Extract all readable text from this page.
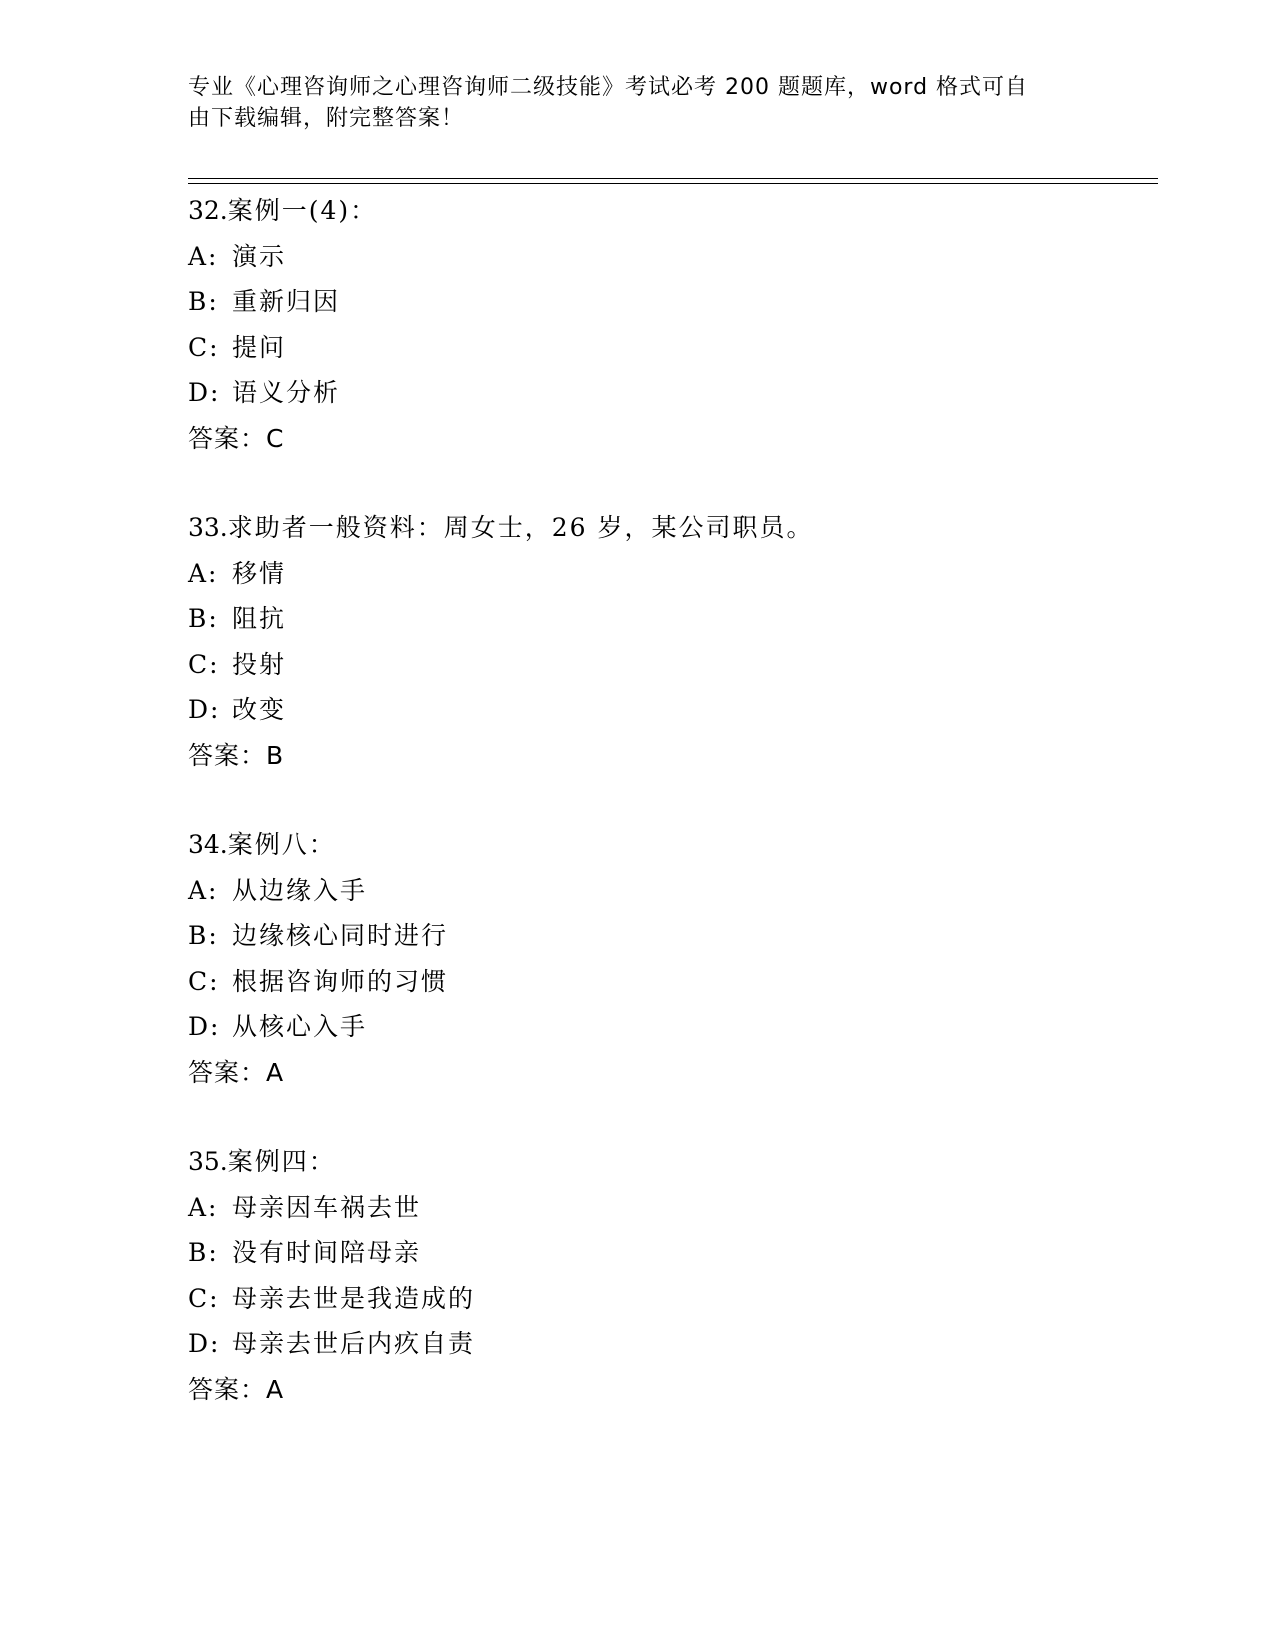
专业《心理咨询师之心理咨询师二级技能》考试必考 200 题题库，word 格式可自
由下载编辑，附完整答案！
32.案例一(4)：
A: 演示
B: 重新归因
C: 提问
D: 语义分析
答案：C
33.求助者一般资料：周女士，26 岁，某公司职员。
A: 移情
B: 阻抗
C: 投射
D: 改变
答案：B
34.案例八：
A: 从边缘入手
B: 边缘核心同时进行
C: 根据咨询师的习惯
D: 从核心入手
答案：A
35.案例四：
A: 母亲因车祸去世
B: 没有时间陪母亲
C: 母亲去世是我造成的
D: 母亲去世后内疚自责
答案：A
